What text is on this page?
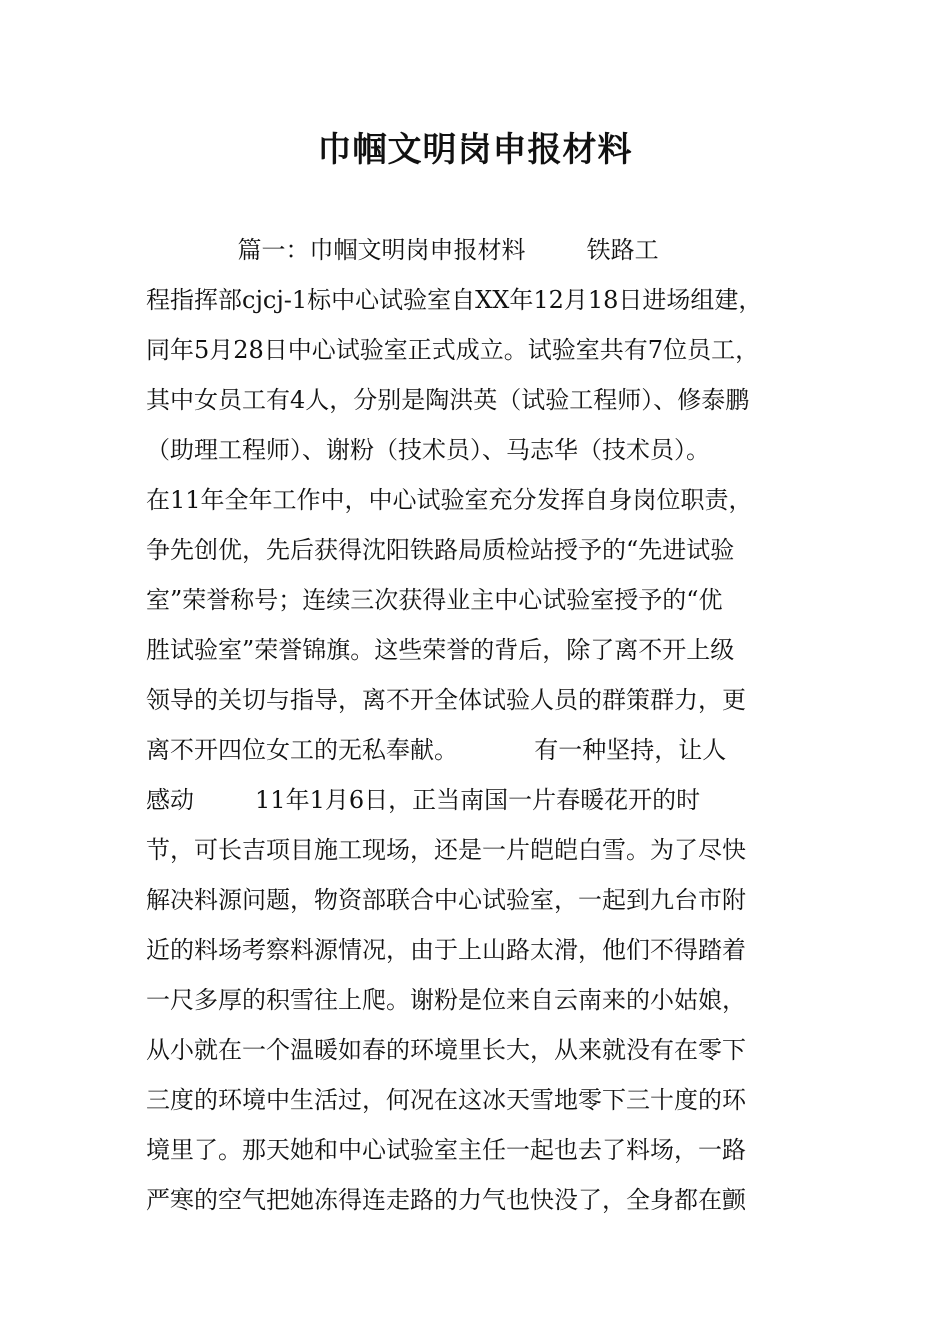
巾帼文明岗申报材料
篇一：巾帼文明岗申报材料        铁路工
程指挥部cjcj-1标中心试验室自XX年12月18日进场组建，
同年5月28日中心试验室正式成立。试验室共有7位员工，
其中女员工有4人，分别是陶洪英（试验工程师）、修泰鹏
（助理工程师）、谢粉（技术员）、马志华（技术员）。
在11年全年工作中，中心试验室充分发挥自身岗位职责，
争先创优，先后获得沈阳铁路局质检站授予的“先进试验
室”荣誉称号；连续三次获得业主中心试验室授予的“优
胜试验室”荣誉锦旗。这些荣誉的背后，除了离不开上级
领导的关切与指导，离不开全体试验人员的群策群力，更
离不开四位女工的无私奉献。          有一种坚持，让人
感动        11年1月6日，正当南国一片春暖花开的时
节，可长吉项目施工现场，还是一片皑皑白雪。为了尽快
解决料源问题，物资部联合中心试验室，一起到九台市附
近的料场考察料源情况，由于上山路太滑，他们不得踏着
一尺多厚的积雪往上爬。谢粉是位来自云南来的小姑娘，
从小就在一个温暖如春的环境里长大，从来就没有在零下
三度的环境中生活过，何况在这冰天雪地零下三十度的环
境里了。那天她和中心试验室主任一起也去了料场，一路
严寒的空气把她冻得连走路的力气也快没了，全身都在颤
